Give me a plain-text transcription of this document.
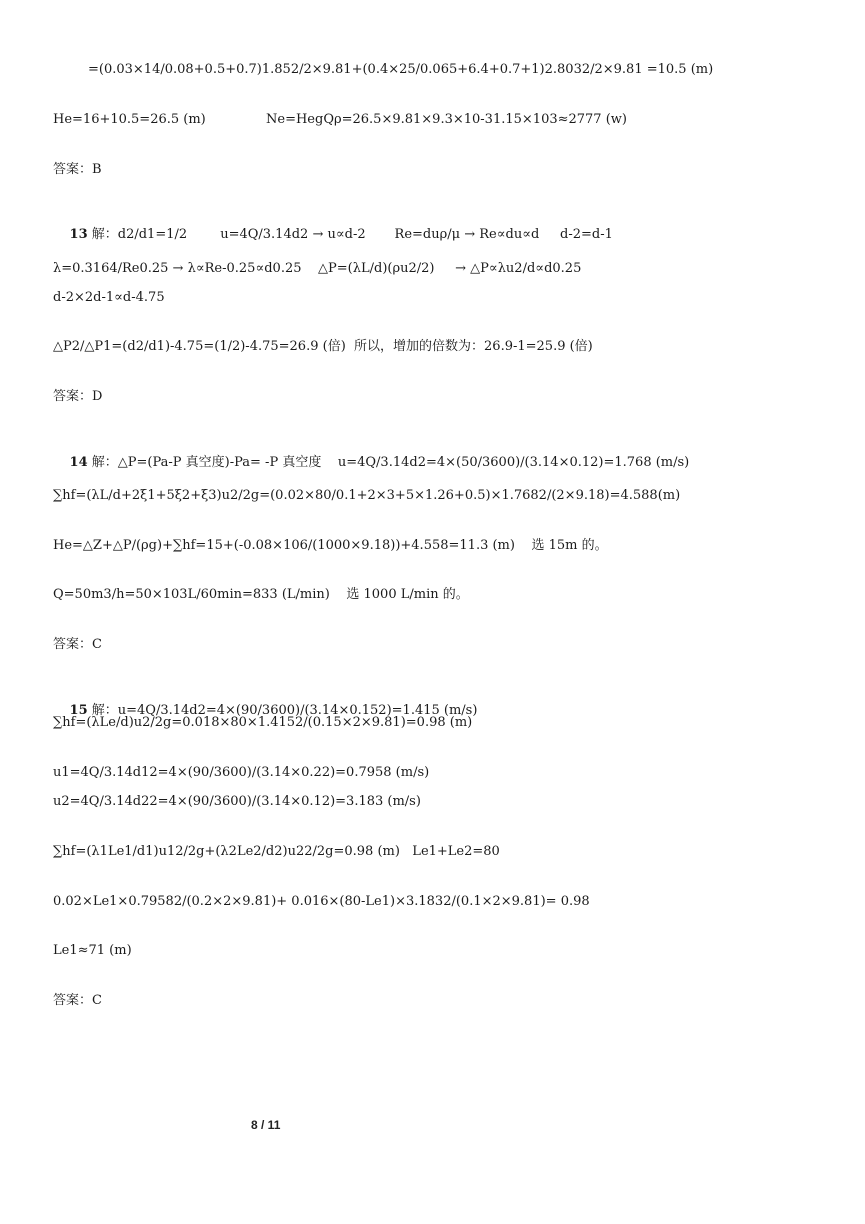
=(0.03×14/0.08+0.5+0.7)1.852/2×9.81+(0.4×25/0.065+6.4+0.7+1)2.8032/2×9.81 =10.5 (m)
He=16+10.5=26.5 (m)	Ne=HegQρ=26.5×9.81×9.3×10-31.15×103≈2777 (w)
答案：B

13 解：d2/d1=1/2        u=4Q/3.14d2 → u∝d-2       Re=duρ/μ → Re∝du∝d     d-2=d-1

λ=0.3164/Re0.25 → λ∝Re-0.25∝d0.25    △P=(λL/d)(ρu2/2)     → △P∝λu2/d∝d0.25
d-2×2d-1∝d-4.75
△P2/△P1=(d2/d1)-4.75=(1/2)-4.75=26.9 (倍)  所以，增加的倍数为：26.9-1=25.9 (倍)
答案：D

14 解：△P=(Pa-P 真空度)-Pa= -P 真空度    u=4Q/3.14d2=4×(50/3600)/(3.14×0.12)=1.768 (m/s)

∑hf=(λL/d+2ξ1+5ξ2+ξ3)u2/2g=(0.02×80/0.1+2×3+5×1.26+0.5)×1.7682/(2×9.18)=4.588(m)
He=△Z+△P/(ρg)+∑hf=15+(-0.08×106/(1000×9.18))+4.558=11.3 (m)    选 15m 的。
Q=50m3/h=50×103L/60min=833 (L/min)    选 1000 L/min 的。
答案：C

15 解：u=4Q/3.14d2=4×(90/3600)/(3.14×0.152)=1.415 (m/s)

∑hf=(λLe/d)u2/2g=0.018×80×1.4152/(0.15×2×9.81)=0.98 (m)
u1=4Q/3.14d12=4×(90/3600)/(3.14×0.22)=0.7958 (m/s)
u2=4Q/3.14d22=4×(90/3600)/(3.14×0.12)=3.183 (m/s)
∑hf=(λ1Le1/d1)u12/2g+(λ2Le2/d2)u22/2g=0.98 (m)   Le1+Le2=80
0.02×Le1×0.79582/(0.2×2×9.81)+ 0.016×(80-Le1)×3.1832/(0.1×2×9.81)= 0.98
Le1≈71 (m)
答案：C
8 / 11
